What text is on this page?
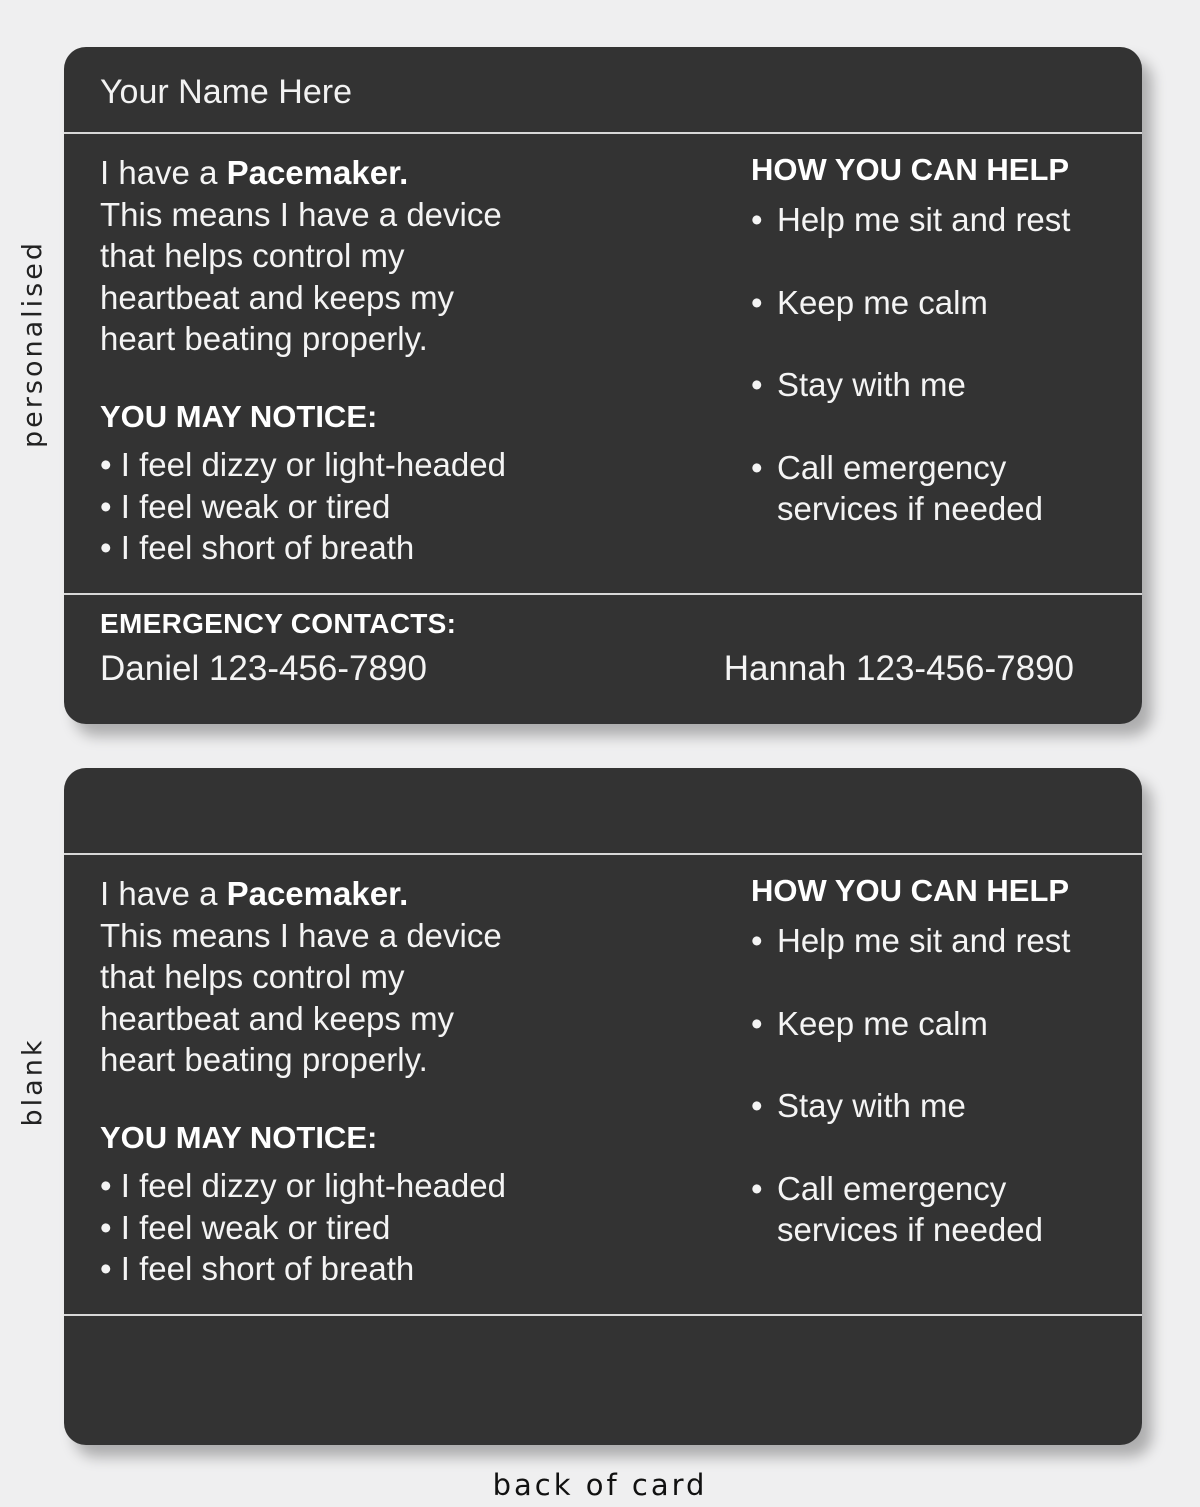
personalised
blank
Your Name Here
I have a Pacemaker.
This means I have a device
that helps control my
heartbeat and keeps my
heart beating properly.
YOU MAY NOTICE:
• I feel dizzy or light-headed
• I feel weak or tired
• I feel short of breath
HOW YOU CAN HELP
• Help me sit and rest
• Keep me calm
• Stay with me
• Call emergency services if needed
EMERGENCY CONTACTS:
Daniel 123-456-7890	Hannah 123-456-7890
I have a Pacemaker.
This means I have a device
that helps control my
heartbeat and keeps my
heart beating properly.
YOU MAY NOTICE:
• I feel dizzy or light-headed
• I feel weak or tired
• I feel short of breath
HOW YOU CAN HELP
• Help me sit and rest
• Keep me calm
• Stay with me
• Call emergency services if needed
back of card
